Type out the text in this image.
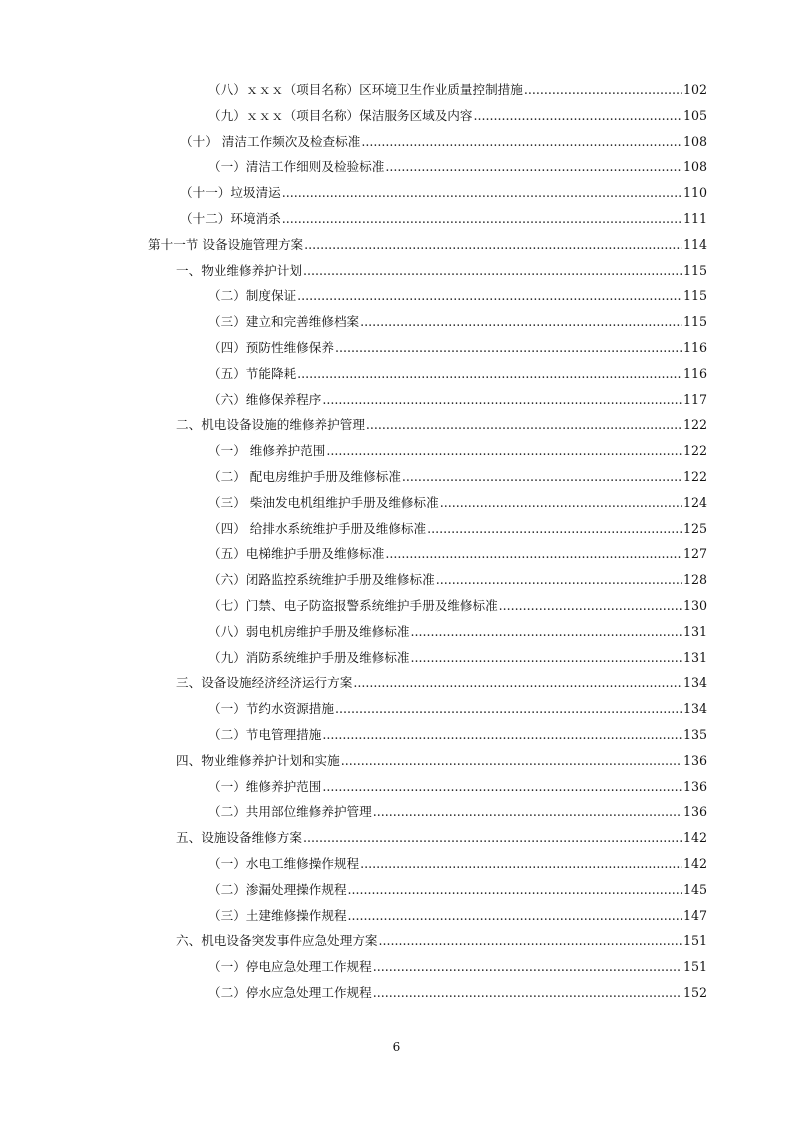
（八）ｘｘｘ（项目名称）区环境卫生作业质量控制措施 .....	102
（九）ｘｘｘ（项目名称）保洁服务区域及内容 .....	105
（十） 清洁工作频次及检查标准 .....	108
（一）清洁工作细则及检验标准 .....	108
（十一）垃圾清运 .....	110
（十二）环境消杀 .....	111
第十一节 设备设施管理方案 .....	114
一、物业维修养护计划 .....	115
（二）制度保证 .....	115
（三）建立和完善维修档案 .....	115
（四）预防性维修保养 .....	116
（五）节能降耗 .....	116
（六）维修保养程序 .....	117
二、机电设备设施的维修养护管理 .....	122
（一） 维修养护范围 .....	122
（二） 配电房维护手册及维修标准 .....	122
（三） 柴油发电机组维护手册及维修标准 .....	124
（四） 给排水系统维护手册及维修标准 .....	125
（五）电梯维护手册及维修标准 .....	127
（六）闭路监控系统维护手册及维修标准 .....	128
（七）门禁、电子防盗报警系统维护手册及维修标准 .....	130
（八）弱电机房维护手册及维修标准 .....	131
（九）消防系统维护手册及维修标准 .....	131
三、设备设施经济经济运行方案 .....	134
（一）节约水资源措施 .....	134
（二）节电管理措施 .....	135
四、物业维修养护计划和实施 .....	136
（一）维修养护范围 .....	136
（二）共用部位维修养护管理 .....	136
五、设施设备维修方案 .....	142
（一）水电工维修操作规程 .....	142
（二）渗漏处理操作规程 .....	145
（三）土建维修操作规程 .....	147
六、机电设备突发事件应急处理方案 .....	151
（一）停电应急处理工作规程 .....	151
（二）停水应急处理工作规程 .....	152
6
